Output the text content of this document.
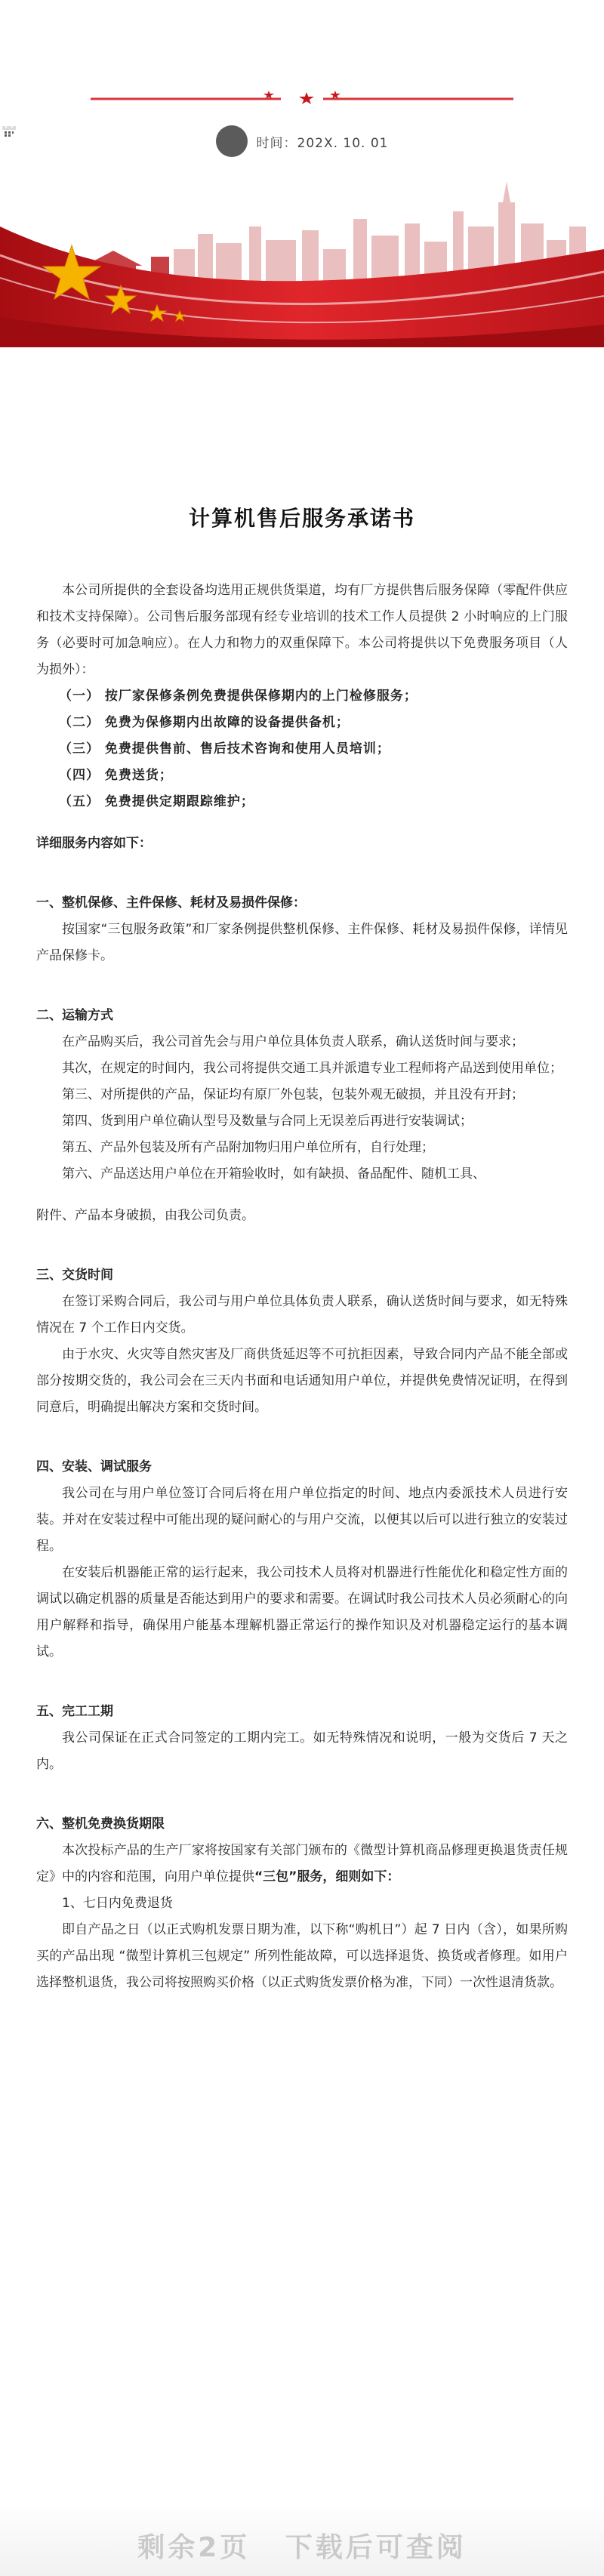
时间：202X. 10. 01
计算机售后服务承诺书

本公司所提供的全套设备均选用正规供货渠道，均有厂方提供售后服务保障（零配件供应和技术支持保障）。公司售后服务部现有经专业培训的技术工作人员提供 2 小时响应的上门服务（必要时可加急响应）。在人力和物力的双重保障下。本公司将提供以下免费服务项目（人为损外）：

（一） 按厂家保修条例免费提供保修期内的上门检修服务；

（二） 免费为保修期内出故障的设备提供备机；

（三） 免费提供售前、售后技术咨询和使用人员培训；

（四） 免费送货；

（五） 免费提供定期跟踪维护；

详细服务内容如下：

一、整机保修、主件保修、耗材及易损件保修：

按国家“三包服务政策”和厂家条例提供整机保修、主件保修、耗材及易损件保修，详情见产品保修卡。

二、运输方式

在产品购买后，我公司首先会与用户单位具体负责人联系，确认送货时间与要求；

其次，在规定的时间内，我公司将提供交通工具并派遣专业工程师将产品送到使用单位；

第三、对所提供的产品，保证均有原厂外包装，包装外观无破损，并且没有开封；

第四、货到用户单位确认型号及数量与合同上无误差后再进行安装调试；

第五、产品外包装及所有产品附加物归用户单位所有，自行处理；

第六、产品送达用户单位在开箱验收时，如有缺损、备品配件、随机工具、

附件、产品本身破损，由我公司负责。

三、交货时间

在签订采购合同后，我公司与用户单位具体负责人联系，确认送货时间与要求，如无特殊情况在 7 个工作日内交货。

由于水灾、火灾等自然灾害及厂商供货延迟等不可抗拒因素，导致合同内产品不能全部或部分按期交货的，我公司会在三天内书面和电话通知用户单位，并提供免费情况证明，在得到同意后，明确提出解决方案和交货时间。

四、安装、调试服务

我公司在与用户单位签订合同后将在用户单位指定的时间、地点内委派技术人员进行安装。并对在安装过程中可能出现的疑问耐心的与用户交流，以便其以后可以进行独立的安装过程。

在安装后机器能正常的运行起来，我公司技术人员将对机器进行性能优化和稳定性方面的调试以确定机器的质量是否能达到用户的要求和需要。在调试时我公司技术人员必须耐心的向用户解释和指导，确保用户能基本理解机器正常运行的操作知识及对机器稳定运行的基本调试。

五、完工工期

我公司保证在正式合同签定的工期内完工。如无特殊情况和说明，一般为交货后 7 天之内。

六、整机免费换货期限

本次投标产品的生产厂家将按国家有关部门颁布的《微型计算机商品修理更换退货责任规定》中的内容和范围，向用户单位提供“三包”服务，细则如下：

1、七日内免费退货

即自产品之日（以正式购机发票日期为准，以下称“购机日”）起 7 日内（含），如果所购买的产品出现 “微型计算机三包规定” 所列性能故障，可以选择退货、换货或者修理。如用户选择整机退货，我公司将按照购买价格（以正式购货发票价格为准，下同）一次性退清货款。

剩余2页 下载后可查阅
